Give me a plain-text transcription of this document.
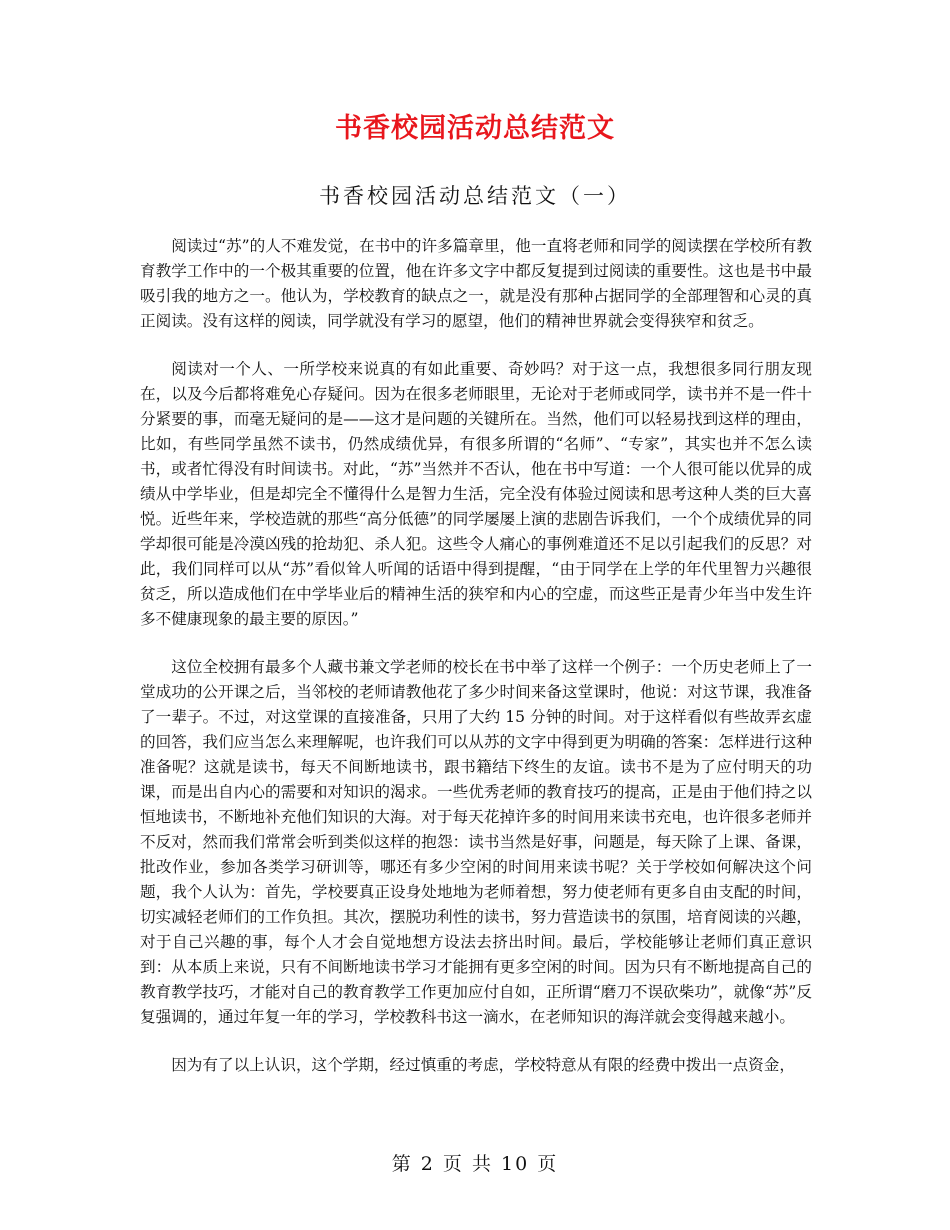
书香校园活动总结范文
书香校园活动总结范文（一）

阅读过“苏”的人不难发觉，在书中的许多篇章里，他一直将老师和同学的阅读摆在学校所有教育教学工作中的一个极其重要的位置，他在许多文字中都反复提到过阅读的重要性。这也是书中最吸引我的地方之一。他认为，学校教育的缺点之一，就是没有那种占据同学的全部理智和心灵的真正阅读。没有这样的阅读，同学就没有学习的愿望，他们的精神世界就会变得狭窄和贫乏。

阅读对一个人、一所学校来说真的有如此重要、奇妙吗？对于这一点，我想很多同行朋友现在，以及今后都将难免心存疑问。因为在很多老师眼里，无论对于老师或同学，读书并不是一件十分紧要的事，而毫无疑问的是——这才是问题的关键所在。当然，他们可以轻易找到这样的理由，比如，有些同学虽然不读书，仍然成绩优异，有很多所谓的“名师”、“专家”，其实也并不怎么读书，或者忙得没有时间读书。对此，“苏”当然并不否认，他在书中写道：一个人很可能以优异的成绩从中学毕业，但是却完全不懂得什么是智力生活，完全没有体验过阅读和思考这种人类的巨大喜悦。近些年来，学校造就的那些“高分低德”的同学屡屡上演的悲剧告诉我们，一个个成绩优异的同学却很可能是冷漠凶残的抢劫犯、杀人犯。这些令人痛心的事例难道还不足以引起我们的反思？对此，我们同样可以从“苏”看似耸人听闻的话语中得到提醒，“由于同学在上学的年代里智力兴趣很贫乏，所以造成他们在中学毕业后的精神生活的狭窄和内心的空虚，而这些正是青少年当中发生许多不健康现象的最主要的原因。”

这位全校拥有最多个人藏书兼文学老师的校长在书中举了这样一个例子：一个历史老师上了一堂成功的公开课之后，当邻校的老师请教他花了多少时间来备这堂课时，他说：对这节课，我准备了一辈子。不过，对这堂课的直接准备，只用了大约 15 分钟的时间。对于这样看似有些故弄玄虚的回答，我们应当怎么来理解呢，也许我们可以从苏的文字中得到更为明确的答案：怎样进行这种准备呢？这就是读书，每天不间断地读书，跟书籍结下终生的友谊。读书不是为了应付明天的功课，而是出自内心的需要和对知识的渴求。一些优秀老师的教育技巧的提高，正是由于他们持之以恒地读书，不断地补充他们知识的大海。对于每天花掉许多的时间用来读书充电，也许很多老师并不反对，然而我们常常会听到类似这样的抱怨：读书当然是好事，问题是，每天除了上课、备课，批改作业，参加各类学习研训等，哪还有多少空闲的时间用来读书呢？关于学校如何解决这个问题，我个人认为：首先，学校要真正设身处地地为老师着想，努力使老师有更多自由支配的时间，切实减轻老师们的工作负担。其次，摆脱功利性的读书，努力营造读书的氛围，培育阅读的兴趣，对于自己兴趣的事，每个人才会自觉地想方设法去挤出时间。最后，学校能够让老师们真正意识到：从本质上来说，只有不间断地读书学习才能拥有更多空闲的时间。因为只有不断地提高自己的教育教学技巧，才能对自己的教育教学工作更加应付自如，正所谓“磨刀不误砍柴功”，就像“苏”反复强调的，通过年复一年的学习，学校教科书这一滴水，在老师知识的海洋就会变得越来越小。

因为有了以上认识，这个学期，经过慎重的考虑，学校特意从有限的经费中拨出一点资金，

第 2 页 共 10 页
